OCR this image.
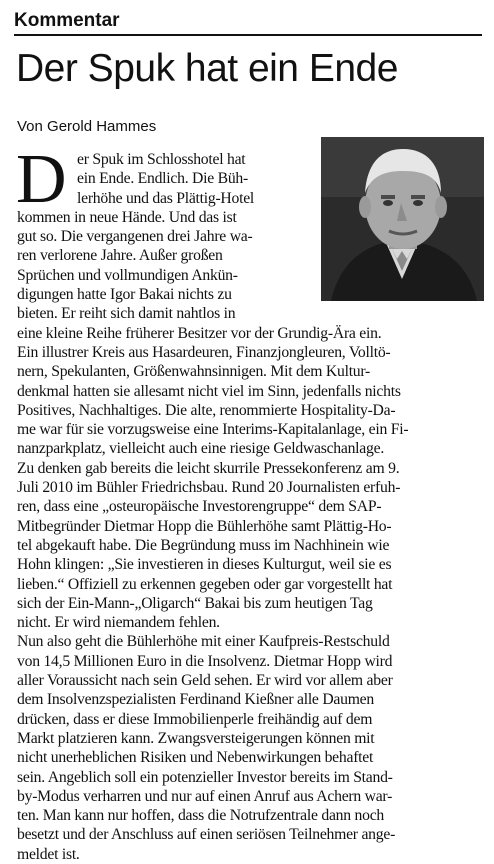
Kommentar
Der Spuk hat ein Ende
Von Gerold Hammes
D er Spuk im Schlosshotel hat
ein Ende. Endlich. Die Büh-
lerhöhe und das Plättig-Hotel
kommen in neue Hände. Und das ist
gut so. Die vergangenen drei Jahre wa-
ren verlorene Jahre. Außer großen
Sprüchen und vollmundigen Ankün-
digungen hatte Igor Bakai nichts zu
bieten. Er reiht sich damit nahtlos in
eine kleine Reihe früherer Besitzer vor der Grundig-Ära ein.
Ein illustrer Kreis aus Hasardeuren, Finanzjongleuren, Volltö-
nern, Spekulanten, Größenwahnsinnigen. Mit dem Kultur-
denkmal hatten sie allesamt nicht viel im Sinn, jedenfalls nichts
Positives, Nachhaltiges. Die alte, renommierte Hospitality-Da-
me war für sie vorzugsweise eine Interims-Kapitalanlage, ein Fi-
nanzparkplatz, vielleicht auch eine riesige Geldwaschanlage.
Zu denken gab bereits die leicht skurrile Pressekonferenz am 9.
Juli 2010 im Bühler Friedrichsbau. Rund 20 Journalisten erfuh-
ren, dass eine „osteuropäische Investorengruppe“ dem SAP-
Mitbegründer Dietmar Hopp die Bühlerhöhe samt Plättig-Ho-
tel abgekauft habe. Die Begründung muss im Nachhinein wie
Hohn klingen: „Sie investieren in dieses Kulturgut, weil sie es
lieben.“ Offiziell zu erkennen gegeben oder gar vorgestellt hat
sich der Ein-Mann-„Oligarch“ Bakai bis zum heutigen Tag
nicht. Er wird niemandem fehlen.
Nun also geht die Bühlerhöhe mit einer Kaufpreis-Restschuld
von 14,5 Millionen Euro in die Insolvenz. Dietmar Hopp wird
aller Voraussicht nach sein Geld sehen. Er wird vor allem aber
dem Insolvenzspezialisten Ferdinand Kießner alle Daumen
drücken, dass er diese Immobilienperle freihändig auf dem
Markt platzieren kann. Zwangsversteigerungen können mit
nicht unerheblichen Risiken und Nebenwirkungen behaftet
sein. Angeblich soll ein potenzieller Investor bereits im Stand-
by-Modus verharren und nur auf einen Anruf aus Achern war-
ten. Man kann nur hoffen, dass die Notrufzentrale dann noch
besetzt und der Anschluss auf einen seriösen Teilnehmer ange-
meldet ist.
